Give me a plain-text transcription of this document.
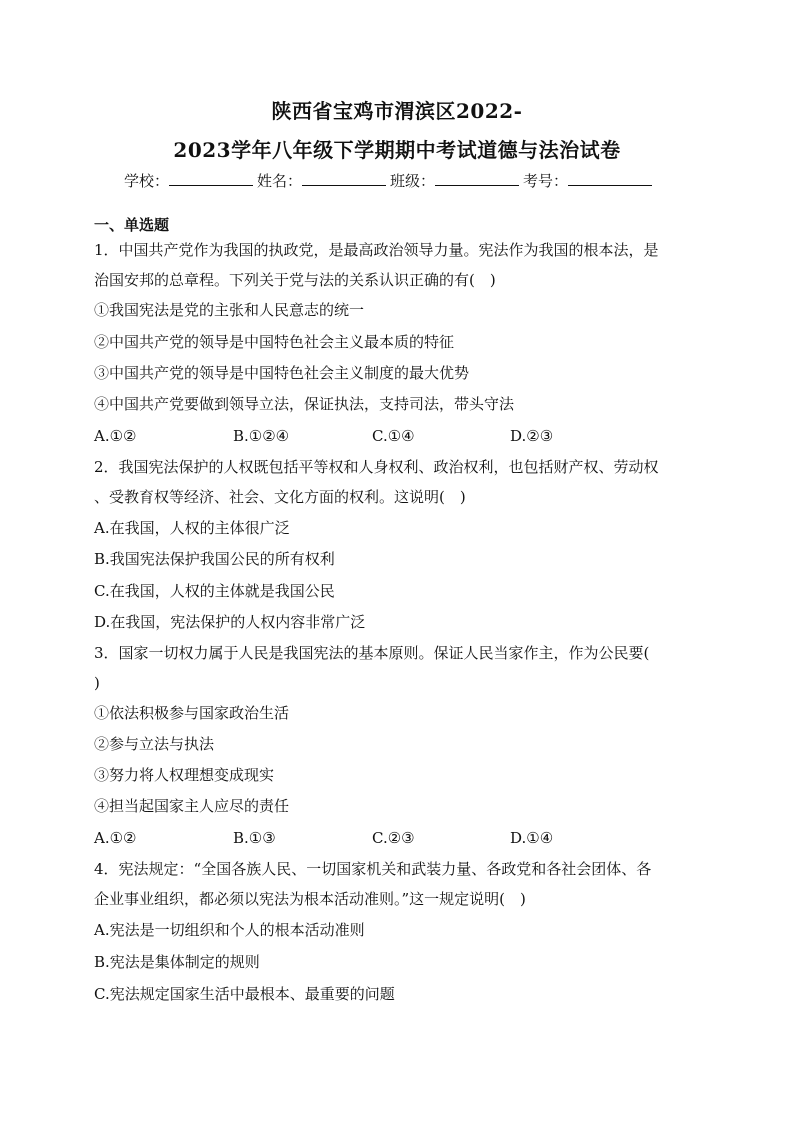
陕西省宝鸡市渭滨区2022-
2023学年八年级下学期期中考试道德与法治试卷
学校：	姓名：	班级：	考号：
一、单选题
1．中国共产党作为我国的执政党，是最高政治领导力量。宪法作为我国的根本法，是
治国安邦的总章程。下列关于党与法的关系认识正确的有(　)
①我国宪法是党的主张和人民意志的统一
②中国共产党的领导是中国特色社会主义最本质的特征
③中国共产党的领导是中国特色社会主义制度的最大优势
④中国共产党要做到领导立法，保证执法，支持司法，带头守法
A.①②	B.①②④	C.①④	D.②③
2．我国宪法保护的人权既包括平等权和人身权利、政治权利，也包括财产权、劳动权
、受教育权等经济、社会、文化方面的权利。这说明(　)
A.在我国，人权的主体很广泛
B.我国宪法保护我国公民的所有权利
C.在我国，人权的主体就是我国公民
D.在我国，宪法保护的人权内容非常广泛
3．国家一切权力属于人民是我国宪法的基本原则。保证人民当家作主，作为公民要(
)
①依法积极参与国家政治生活
②参与立法与执法
③努力将人权理想变成现实
④担当起国家主人应尽的责任
A.①②	B.①③	C.②③	D.①④
4．宪法规定：“全国各族人民、一切国家机关和武装力量、各政党和各社会团体、各
企业事业组织，都必须以宪法为根本活动准则。”这一规定说明(　)
A.宪法是一切组织和个人的根本活动准则
B.宪法是集体制定的规则
C.宪法规定国家生活中最根本、最重要的问题
